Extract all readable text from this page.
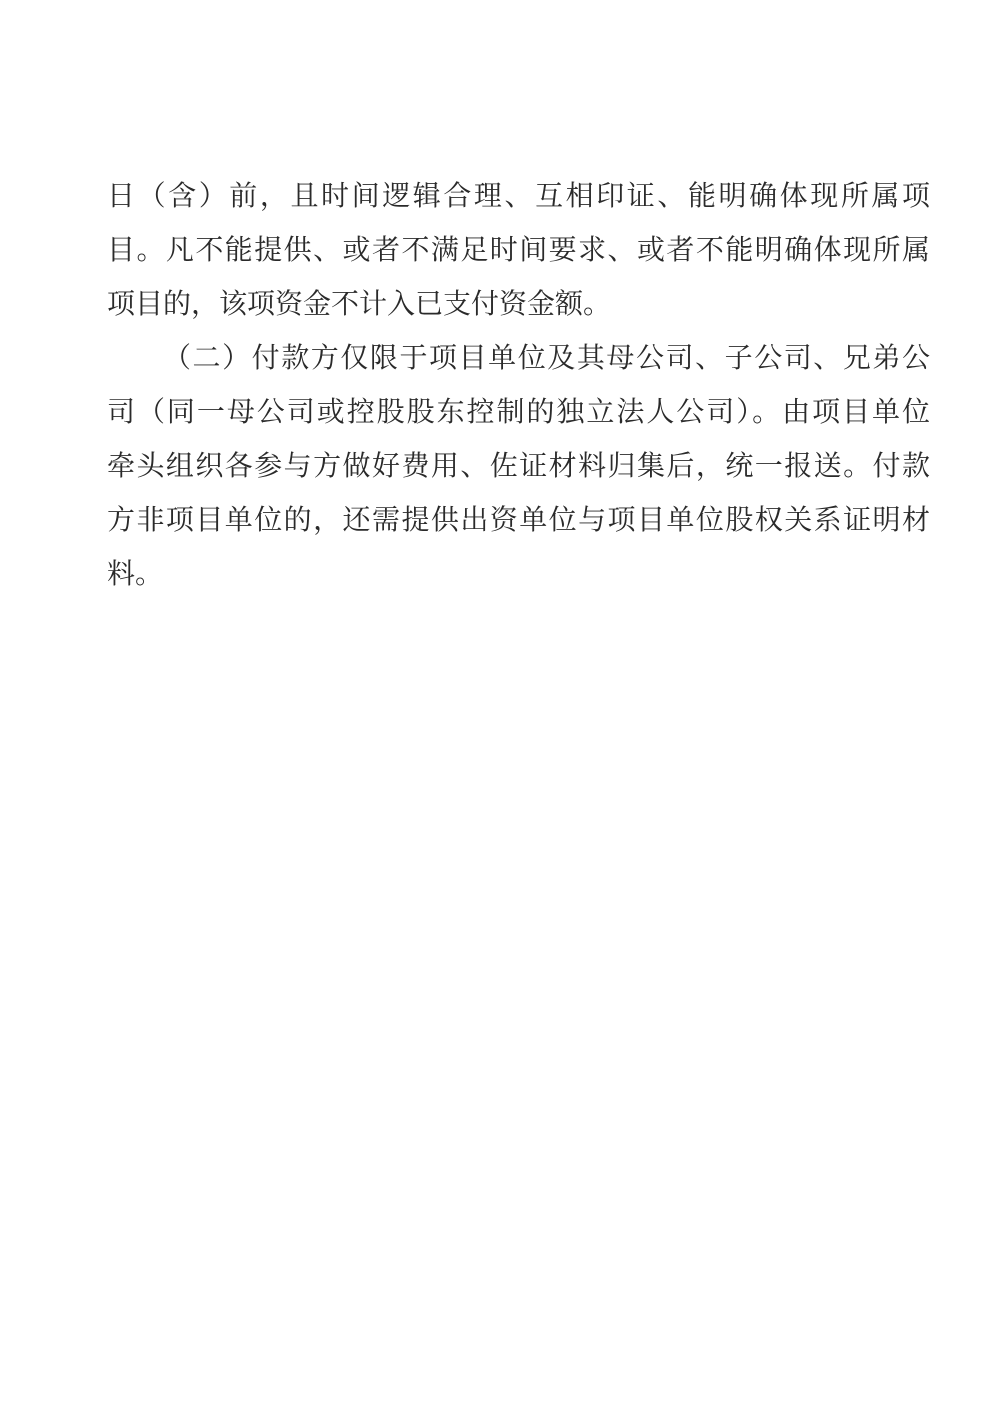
日（含）前，且时间逻辑合理、互相印证、能明确体现所属项
目。凡不能提供、或者不满足时间要求、或者不能明确体现所属
项目的，该项资金不计入已支付资金额。
（二）付款方仅限于项目单位及其母公司、子公司、兄弟公
司（同一母公司或控股股东控制的独立法人公司）。由项目单位
牵头组织各参与方做好费用、佐证材料归集后，统一报送。付款
方非项目单位的，还需提供出资单位与项目单位股权关系证明材
料。
